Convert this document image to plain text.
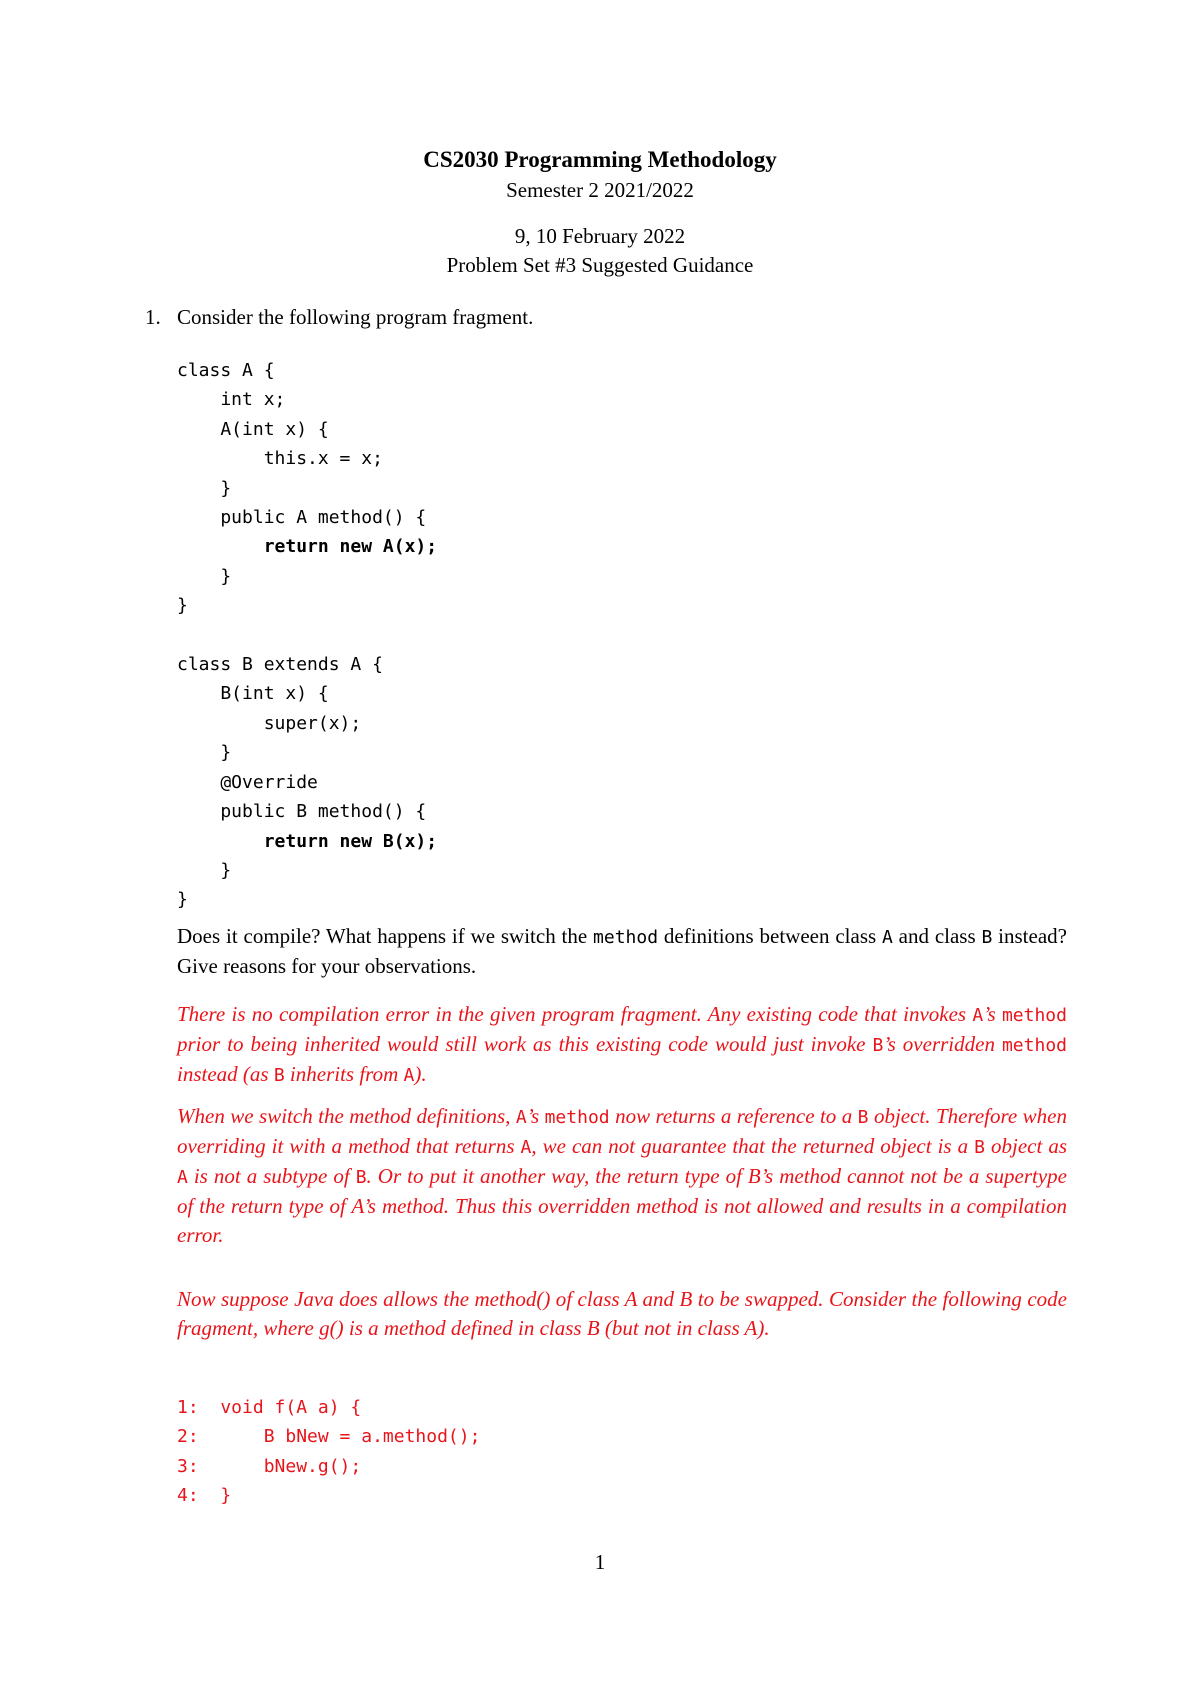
CS2030 Programming Methodology
Semester 2 2021/2022
9, 10 February 2022
Problem Set #3 Suggested Guidance
1. Consider the following program fragment.
class A {
int x;
A(int x) {
this.x = x;
}
public A method() {
return new A(x);
}
}
class B extends A {
B(int x) {
super(x);
}
@Override
public B method() {
return new B(x);
}
}
Does it compile? What happens if we switch the method definitions between class A and class B instead? Give reasons for your observations.
There is no compilation error in the given program fragment. Any existing code that invokes A’s method prior to being inherited would still work as this existing code would just invoke B’s overridden method instead (as B inherits from A).
When we switch the method definitions, A’s method now returns a reference to a B object. Therefore when overriding it with a method that returns A, we can not guarantee that the returned object is a B object as A is not a subtype of B. Or to put it another way, the return type of B’s method cannot not be a supertype of the return type of A’s method. Thus this overridden method is not allowed and results in a compilation error.
Now suppose Java does allows the method() of class A and B to be swapped. Consider the following code fragment, where g() is a method defined in class B (but not in class A).
1:  void f(A a) {
2:      B bNew = a.method();
3:      bNew.g();
4:  }
1
